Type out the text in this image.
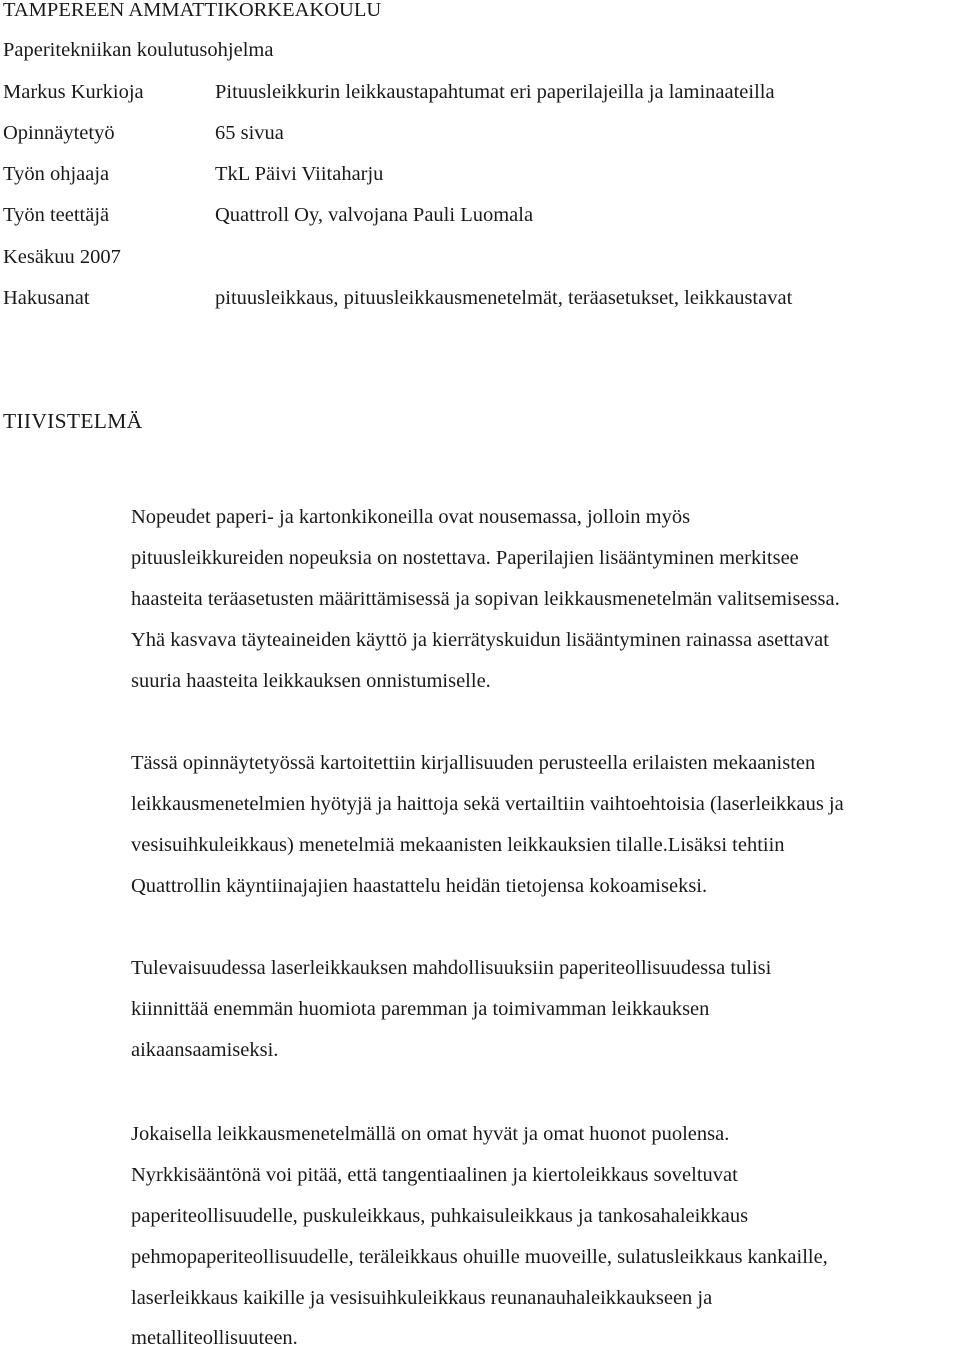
TAMPEREEN AMMATTIKORKEAKOULU
Paperitekniikan koulutusohjelma
Markus Kurkioja	Pituusleikkurin leikkaustapahtumat eri paperilajeilla ja laminaateilla
Opinnäytetyö	65 sivua
Työn ohjaaja	TkL Päivi Viitaharju
Työn teettäjä	Quattroll Oy, valvojana Pauli Luomala
Kesäkuu 2007
Hakusanat	pituusleikkaus, pituusleikkausmenetelmät, teräasetukset, leikkaustavat
TIIVISTELMÄ
Nopeudet paperi- ja kartonkikoneilla ovat nousemassa, jolloin myös
pituusleikkureiden nopeuksia on nostettava. Paperilajien lisääntyminen merkitsee
haasteita teräasetusten määrittämisessä ja sopivan leikkausmenetelmän valitsemisessa.
Yhä kasvava täyteaineiden käyttö ja kierrätyskuidun lisääntyminen rainassa asettavat
suuria haasteita leikkauksen onnistumiselle.
Tässä opinnäytetyössä kartoitettiin kirjallisuuden perusteella erilaisten mekaanisten
leikkausmenetelmien hyötyjä ja haittoja sekä vertailtiin vaihtoehtoisia (laserleikkaus ja
vesisuihkuleikkaus) menetelmiä mekaanisten leikkauksien tilalle.Lisäksi tehtiin
Quattrollin käyntiinajajien haastattelu heidän tietojensa kokoamiseksi.
Tulevaisuudessa laserleikkauksen mahdollisuuksiin paperiteollisuudessa tulisi
kiinnittää enemmän huomiota paremman ja toimivamman leikkauksen
aikaansaamiseksi.
Jokaisella leikkausmenetelmällä on omat hyvät ja omat huonot puolensa.
Nyrkkisääntönä voi pitää, että tangentiaalinen ja kiertoleikkaus soveltuvat
paperiteollisuudelle, puskuleikkaus, puhkaisuleikkaus ja tankosahaleikkaus
pehmopaperiteollisuudelle, teräleikkaus ohuille muoveille, sulatusleikkaus kankaille,
laserleikkaus kaikille ja vesisuihkuleikkaus reunanauhaleikkaukseen ja
metalliteollisuuteen.
